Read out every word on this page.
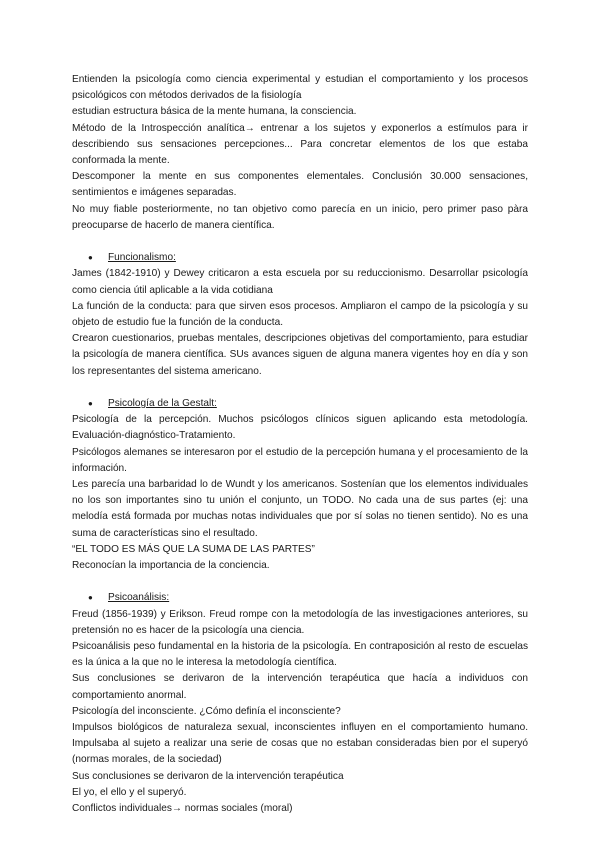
Entienden la psicología como ciencia experimental y estudian el comportamiento y los procesos psicológicos con métodos derivados de la fisiología

estudian estructura básica de la mente humana, la consciencia.

Método de la Introspección analítica→ entrenar a los sujetos y exponerlos a estímulos para ir describiendo sus sensaciones percepciones... Para concretar elementos de los que estaba conformada la mente.

Descomponer la mente en sus componentes elementales. Conclusión 30.000 sensaciones, sentimientos e imágenes separadas.

No muy fiable posteriormente, no tan objetivo como parecía en un inicio, pero primer paso pàra preocuparse de hacerlo de manera científica.

● Funcionalismo:

James (1842-1910) y Dewey criticaron a esta escuela por su reduccionismo. Desarrollar psicología como ciencia útil aplicable a la vida cotidiana

La función de la conducta: para que sirven esos procesos. Ampliaron el campo de la psicología y su objeto de estudio fue la función de la conducta.

Crearon cuestionarios, pruebas mentales, descripciones objetivas del comportamiento, para estudiar la psicología de manera científica. SUs avances siguen de alguna manera vigentes hoy en día y son los representantes del sistema americano.

● Psicología de la Gestalt:

Psicología de la percepción. Muchos psicólogos clínicos siguen aplicando esta metodología. Evaluación-diagnóstico-Tratamiento.

Psicólogos alemanes se interesaron por el estudio de la percepción humana y el procesamiento de la información.

Les parecía una barbaridad lo de Wundt y los americanos. Sostenían que los elementos individuales no los son importantes sino tu unión el conjunto, un TODO. No cada una de sus partes (ej: una melodía está formada por muchas notas individuales que por sí solas no tienen sentido). No es una suma de características sino el resultado.

“EL TODO ES MÁS QUE LA SUMA DE LAS PARTES”

Reconocían la importancia de la conciencia.

● Psicoanálisis:

Freud (1856-1939) y Erikson. Freud rompe con la metodología de las investigaciones anteriores, su pretensión no es hacer de la psicología una ciencia.

Psicoanálisis peso fundamental en la historia de la psicología. En contraposición al resto de escuelas es la única a la que no le interesa la metodología científica.

Sus conclusiones se derivaron de la intervención terapéutica que hacía a individuos con comportamiento anormal.

Psicología del inconsciente. ¿Cómo definía el inconsciente?

Impulsos biológicos de naturaleza sexual, inconscientes influyen en el comportamiento humano. Impulsaba al sujeto a realizar una serie de cosas que no estaban consideradas bien por el superyó (normas morales, de la sociedad)

Sus conclusiones se derivaron de la intervención terapéutica

El yo, el ello y el superyó.

Conflictos individuales→ normas sociales (moral)
